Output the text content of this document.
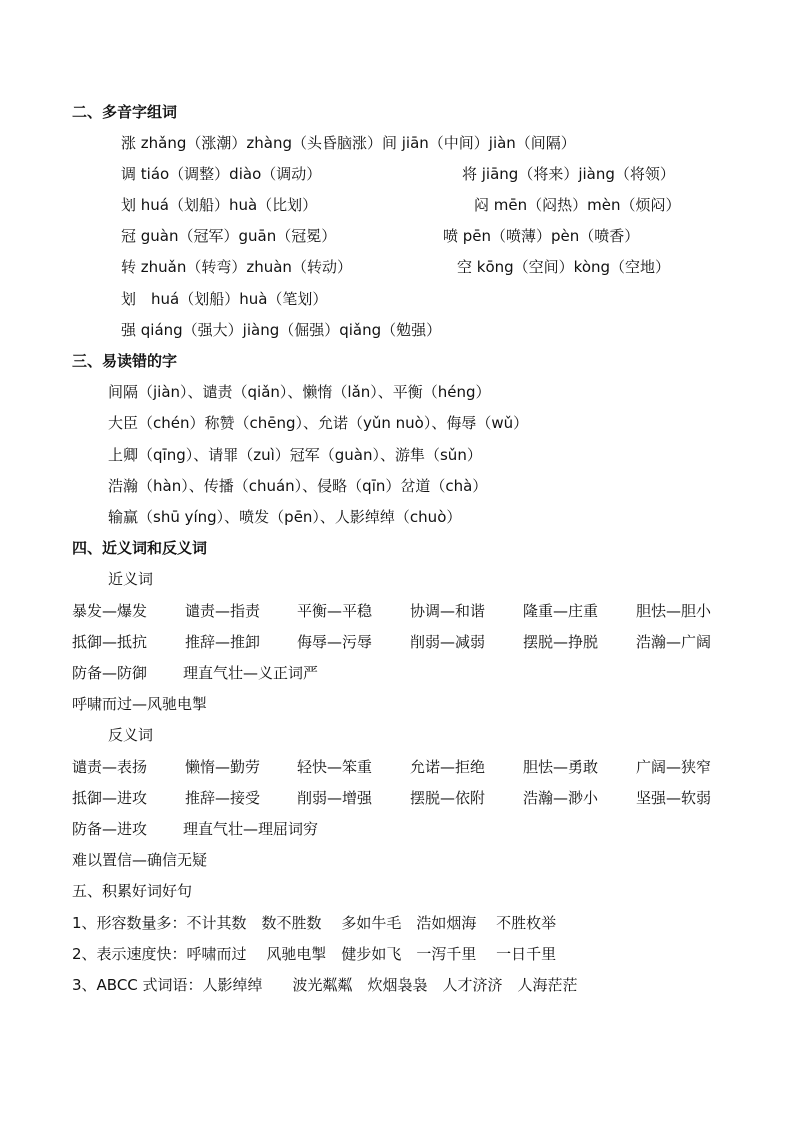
二、多音字组词
涨 zhǎng（涨潮）zhàng（头昏脑涨）间 jiān（中间）jiàn（间隔）
调 tiáo（调整）diào（调动）	将 jiāng（将来）jiàng（将领）
划 huá（划船）huà（比划）	闷 mēn（闷热）mèn（烦闷）
冠 guàn（冠军）guān（冠冕）	喷 pēn（喷薄）pèn（喷香）
转 zhuǎn（转弯）zhuàn（转动）	空 kōng（空间）kòng（空地）
划　huá（划船）huà（笔划）
强 qiáng（强大）jiàng（倔强）qiǎng（勉强）
三、易读错的字
间隔（jiàn）、谴责（qiǎn）、懒惰（lǎn）、平衡（héng）
大臣（chén）称赞（chēng）、允诺（yǔn nuò）、侮辱（wǔ）
上卿（qīng）、请罪（zuì）冠军（guàn）、游隼（sǔn）
浩瀚（hàn）、传播（chuán）、侵略（qīn）岔道（chà）
输赢（shū yíng）、喷发（pēn）、人影绰绰（chuò）
四、近义词和反义词
近义词
暴发—爆发	谴责—指责 平衡—平稳	协调—和谐	隆重—庄重	胆怯—胆小
抵御—抵抗	推辞—推卸 侮辱—污辱	削弱—减弱	摆脱—挣脱	浩瀚—广阔
防备—防御 理直气壮—义正词严
呼啸而过—风驰电掣
反义词
谴责—表扬	懒惰—勤劳 轻快—笨重	允诺—拒绝	胆怯—勇敢	广阔—狭窄
抵御—进攻	推辞—接受 削弱—增强	摆脱—依附	浩瀚—渺小	坚强—软弱
防备—进攻 理直气壮—理屈词穷
难以置信—确信无疑
五、积累好词好句
1、形容数量多：不计其数　数不胜数　 多如牛毛　浩如烟海　 不胜枚举
2、表示速度快：呼啸而过　 风驰电掣　健步如飞　一泻千里　 一日千里
3、ABCC 式词语：人影绰绰　　波光粼粼　炊烟袅袅　人才济济　人海茫茫
